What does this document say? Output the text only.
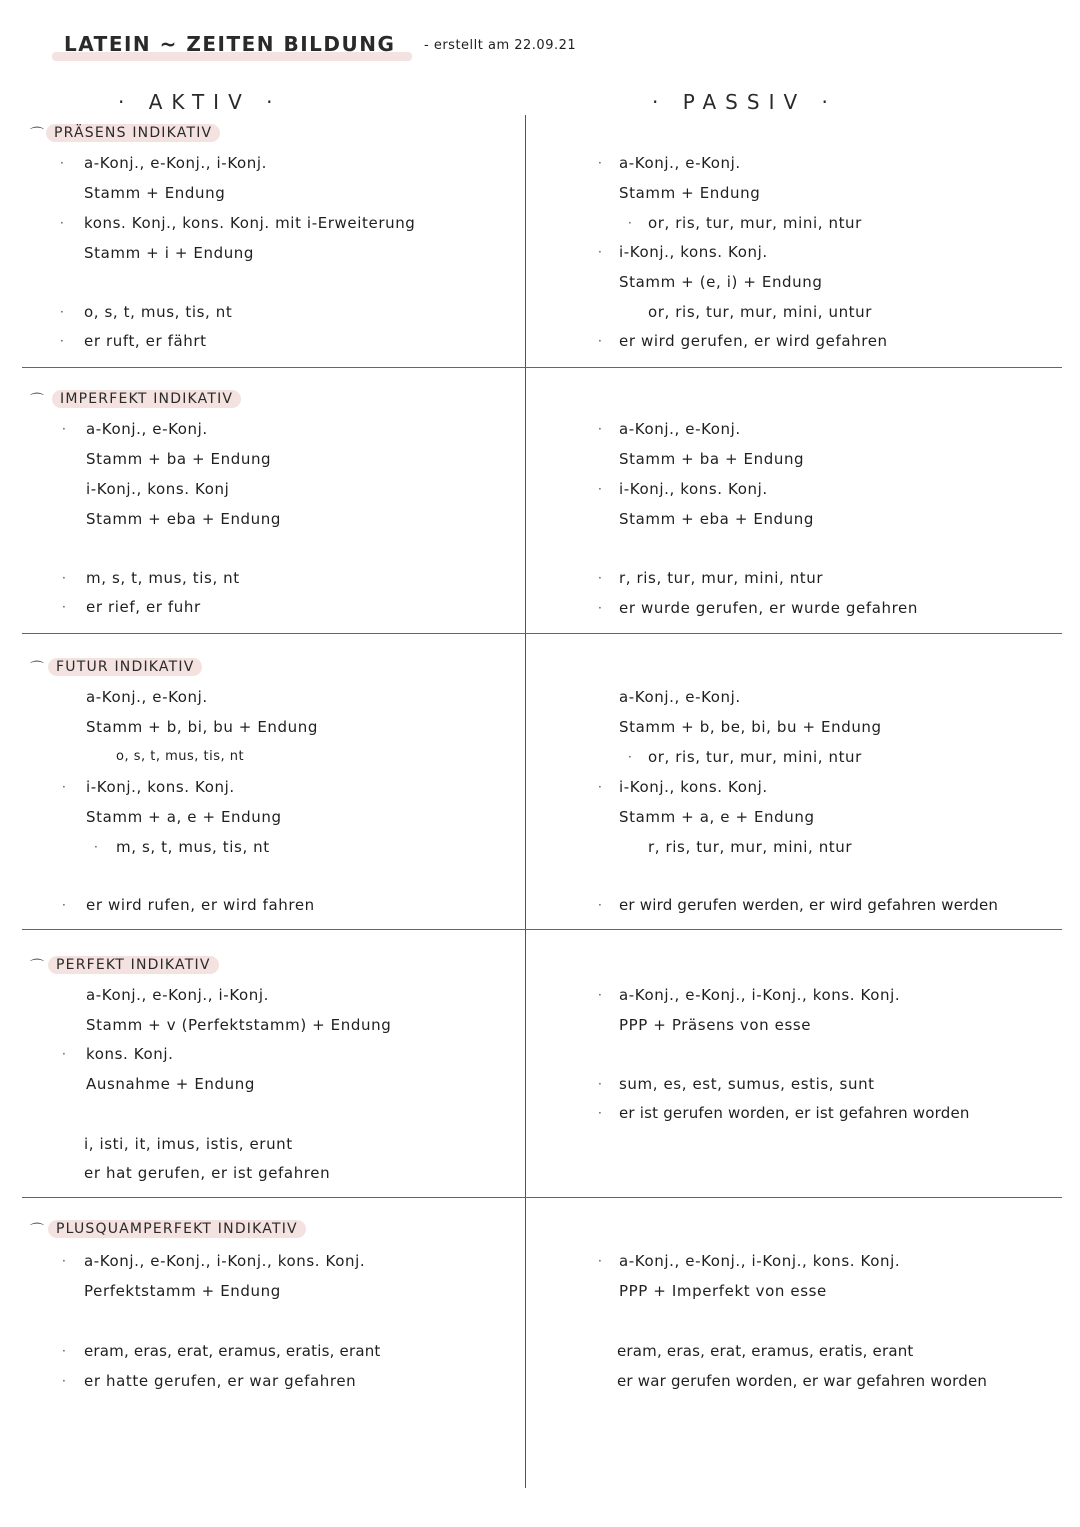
LATEIN ~ ZEITEN BILDUNG - erstellt am 22.09.21
· AKTIV ·	· PASSIV ·
⌒ PRÄSENS INDIKATIV
· a-Konj., e-Konj., i-Konj.
Stamm + Endung
· kons. Konj., kons. Konj. mit i-Erweiterung
Stamm + i + Endung
· o, s, t, mus, tis, nt
· er ruft, er fährt
· a-Konj., e-Konj.
Stamm + Endung
· or, ris, tur, mur, mini, ntur
· i-Konj., kons. Konj.
Stamm + (e, i) + Endung
or, ris, tur, mur, mini, untur
· er wird gerufen, er wird gefahren
⌒	IMPERFEKT INDIKATIV
· a-Konj., e-Konj.
Stamm + ba + Endung
i-Konj., kons. Konj
Stamm + eba + Endung
· m, s, t, mus, tis, nt
· er rief, er fuhr
· a-Konj., e-Konj.
Stamm + ba + Endung
· i-Konj., kons. Konj.
Stamm + eba + Endung
· r, ris, tur, mur, mini, ntur
· er wurde gerufen, er wurde gefahren
⌒ FUTUR INDIKATIV
a-Konj., e-Konj.
Stamm + b, bi, bu + Endung
o, s, t, mus, tis, nt
· i-Konj., kons. Konj.
Stamm + a, e + Endung
· m, s, t, mus, tis, nt
· er wird rufen, er wird fahren
a-Konj., e-Konj.
Stamm + b, be, bi, bu + Endung
· or, ris, tur, mur, mini, ntur
· i-Konj., kons. Konj.
Stamm + a, e + Endung
r, ris, tur, mur, mini, ntur
· er wird gerufen werden, er wird gefahren werden
⌒ PERFEKT INDIKATIV
a-Konj., e-Konj., i-Konj.
Stamm + v (Perfektstamm) + Endung
· kons. Konj.
Ausnahme + Endung
i, isti, it, imus, istis, erunt
er hat gerufen, er ist gefahren
· a-Konj., e-Konj., i-Konj., kons. Konj.
PPP + Präsens von esse
· sum, es, est, sumus, estis, sunt
· er ist gerufen worden, er ist gefahren worden
⌒ PLUSQUAMPERFEKT INDIKATIV
· a-Konj., e-Konj., i-Konj., kons. Konj.
Perfektstamm + Endung
· eram, eras, erat, eramus, eratis, erant
· er hatte gerufen, er war gefahren
· a-Konj., e-Konj., i-Konj., kons. Konj.
PPP + Imperfekt von esse
eram, eras, erat, eramus, eratis, erant
er war gerufen worden, er war gefahren worden
